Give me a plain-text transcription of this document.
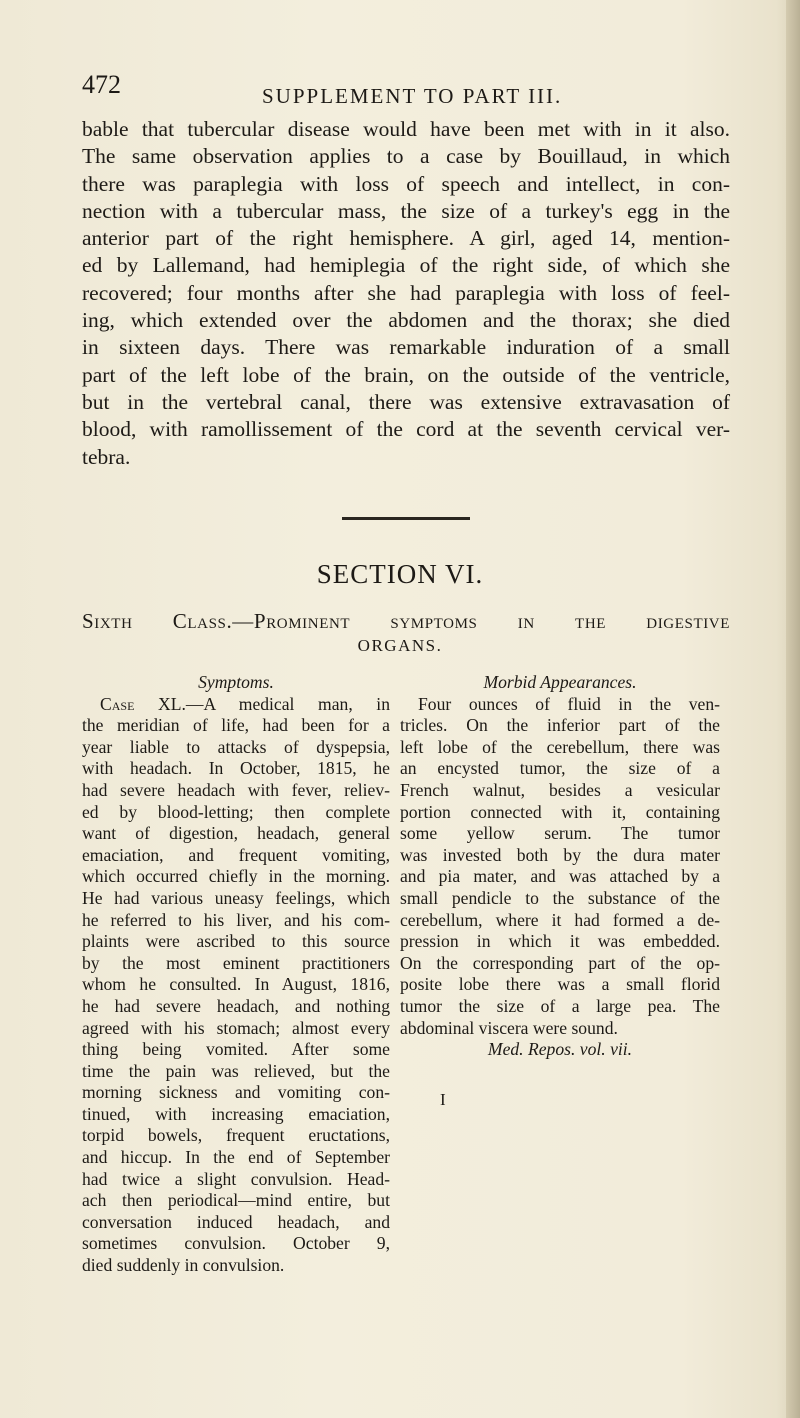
472	SUPPLEMENT TO PART III.
bable that tubercular disease would have been met with in it also.
The same observation applies to a case by Bouillaud, in which
there was paraplegia with loss of speech and intellect, in con-
nection with a tubercular mass, the size of a turkey's egg in the
anterior part of the right hemisphere. A girl, aged 14, mention-
ed by Lallemand, had hemiplegia of the right side, of which she
recovered; four months after she had paraplegia with loss of feel-
ing, which extended over the abdomen and the thorax; she died
in sixteen days. There was remarkable induration of a small
part of the left lobe of the brain, on the outside of the ventricle,
but in the vertebral canal, there was extensive extravasation of
blood, with ramollissement of the cord at the seventh cervical ver-
tebra.
SECTION VI.
Sixth Class.—Prominent symptoms in the digestive
ORGANS.
Symptoms.
Case XL.—A medical man, in
the meridian of life, had been for a
year liable to attacks of dyspepsia,
with headach. In October, 1815, he
had severe headach with fever, reliev-
ed by blood-letting; then complete
want of digestion, headach, general
emaciation, and frequent vomiting,
which occurred chiefly in the morning.
He had various uneasy feelings, which
he referred to his liver, and his com-
plaints were ascribed to this source
by the most eminent practitioners
whom he consulted. In August, 1816,
he had severe headach, and nothing
agreed with his stomach; almost every
thing being vomited. After some
time the pain was relieved, but the
morning sickness and vomiting con-
tinued, with increasing emaciation,
torpid bowels, frequent eructations,
and hiccup. In the end of September
had twice a slight convulsion. Head-
ach then periodical—mind entire, but
conversation induced headach, and
sometimes convulsion. October 9,
died suddenly in convulsion.
Morbid Appearances.
Four ounces of fluid in the ven-
tricles. On the inferior part of the
left lobe of the cerebellum, there was
an encysted tumor, the size of a
French walnut, besides a vesicular
portion connected with it, containing
some yellow serum. The tumor
was invested both by the dura mater
and pia mater, and was attached by a
small pendicle to the substance of the
cerebellum, where it had formed a de-
pression in which it was embedded.
On the corresponding part of the op-
posite lobe there was a small florid
tumor the size of a large pea. The
abdominal viscera were sound.
Med. Repos. vol. vii.
I
